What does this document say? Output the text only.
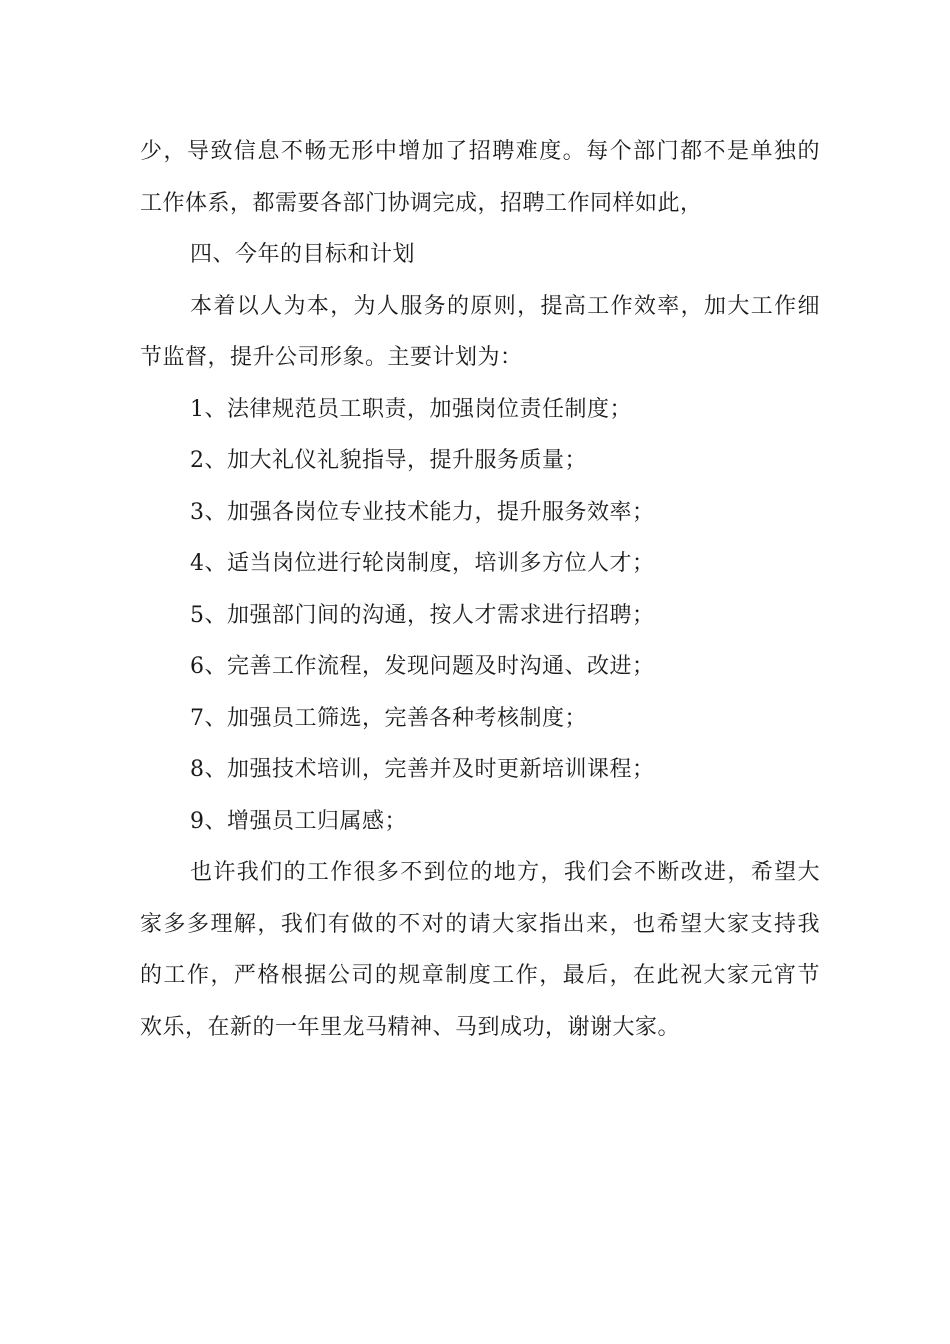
少，导致信息不畅无形中增加了招聘难度。每个部门都不是单独的
工作体系，都需要各部门协调完成，招聘工作同样如此，
四、今年的目标和计划
本着以人为本，为人服务的原则，提高工作效率，加大工作细
节监督，提升公司形象。主要计划为：
1、法律规范员工职责，加强岗位责任制度；
2、加大礼仪礼貌指导，提升服务质量；
3、加强各岗位专业技术能力，提升服务效率；
4、适当岗位进行轮岗制度，培训多方位人才；
5、加强部门间的沟通，按人才需求进行招聘；
6、完善工作流程，发现问题及时沟通、改进；
7、加强员工筛选，完善各种考核制度；
8、加强技术培训，完善并及时更新培训课程；
9、增强员工归属感；
也许我们的工作很多不到位的地方，我们会不断改进，希望大
家多多理解，我们有做的不对的请大家指出来，也希望大家支持我
的工作，严格根据公司的规章制度工作，最后，在此祝大家元宵节
欢乐，在新的一年里龙马精神、马到成功，谢谢大家。
